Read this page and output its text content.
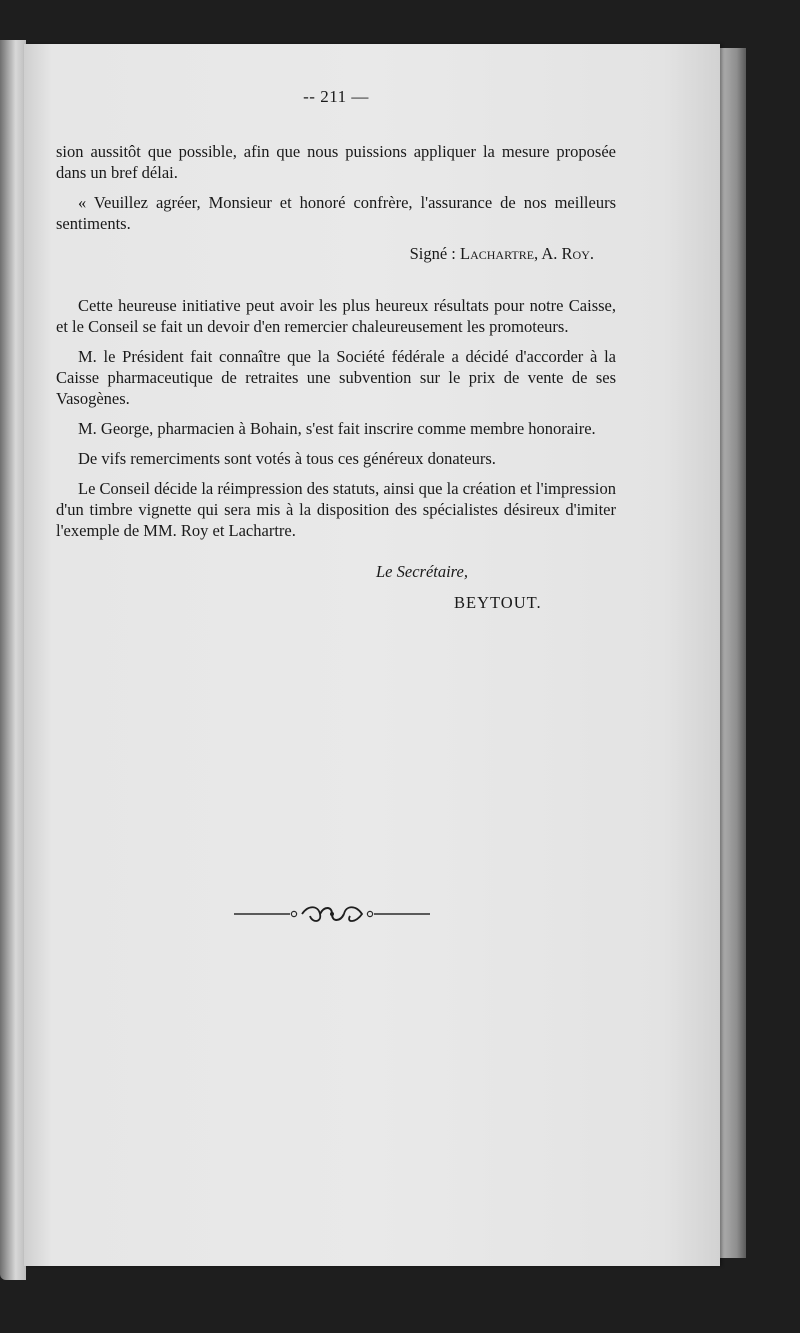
-- 211 —

sion aussitôt que possible, afin que nous puissions appliquer la mesure proposée dans un bref délai.

« Veuillez agréer, Monsieur et honoré confrère, l'assurance de nos meilleurs sentiments.

Signé : Lachartre, A. Roy.

Cette heureuse initiative peut avoir les plus heureux résultats pour notre Caisse, et le Conseil se fait un devoir d'en remercier chaleureusement les promoteurs.

M. le Président fait connaître que la Société fédérale a décidé d'accorder à la Caisse pharmaceutique de retraites une subvention sur le prix de vente de ses Vasogènes.

M. George, pharmacien à Bohain, s'est fait inscrire comme membre honoraire.

De vifs remerciments sont votés à tous ces généreux donateurs.

Le Conseil décide la réimpression des statuts, ainsi que la création et l'impression d'un timbre vignette qui sera mis à la disposition des spécialistes désireux d'imiter l'exemple de MM. Roy et Lachartre.

Le Secrétaire,
BEYTOUT.
